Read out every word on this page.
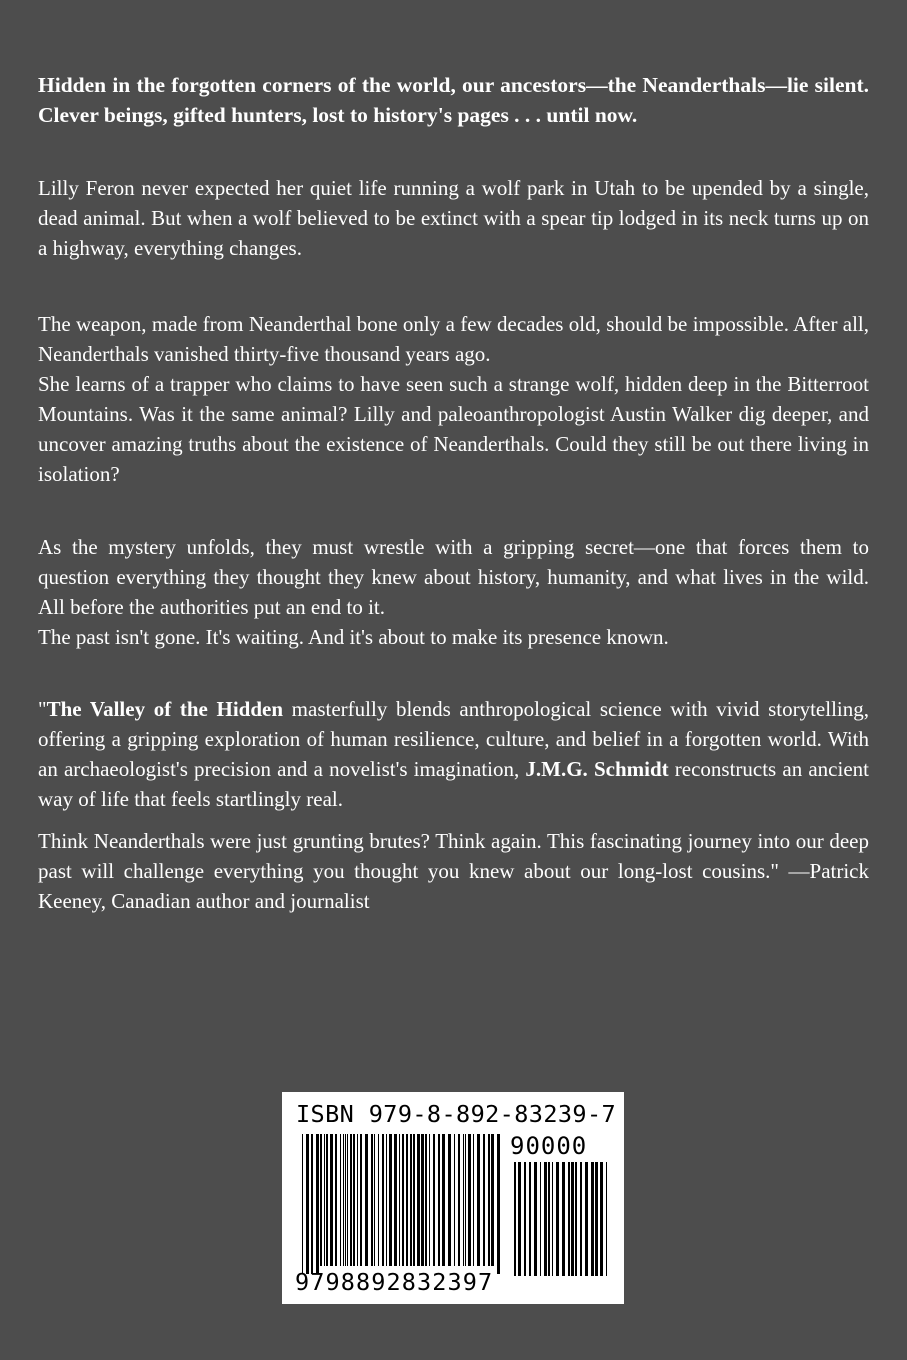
Hidden in the forgotten corners of the world, our ancestors—the Neanderthals—lie silent. Clever beings, gifted hunters, lost to history's pages . . . until now.

Lilly Feron never expected her quiet life running a wolf park in Utah to be upended by a single, dead animal. But when a wolf believed to be extinct with a spear tip lodged in its neck turns up on a highway, everything changes.

The weapon, made from Neanderthal bone only a few decades old, should be impossible. After all, Neanderthals vanished thirty-five thousand years ago.

She learns of a trapper who claims to have seen such a strange wolf, hidden deep in the Bitterroot Mountains. Was it the same animal? Lilly and paleoanthropologist Austin Walker dig deeper, and uncover amazing truths about the existence of Neanderthals. Could they still be out there living in isolation?

As the mystery unfolds, they must wrestle with a gripping secret—one that forces them to question everything they thought they knew about history, humanity, and what lives in the wild. All before the authorities put an end to it.

The past isn't gone. It's waiting. And it's about to make its presence known.

"The Valley of the Hidden masterfully blends anthropological science with vivid storytelling, offering a gripping exploration of human resilience, culture, and belief in a forgotten world. With an archaeologist's precision and a novelist's imagination, J.M.G. Schmidt reconstructs an ancient way of life that feels startlingly real.

Think Neanderthals were just grunting brutes? Think again. This fascinating journey into our deep past will challenge everything you thought you knew about our long-lost cousins." —Patrick Keeney, Canadian author and journalist

ISBN 979-8-892-83239-7
90000
9798892832397
